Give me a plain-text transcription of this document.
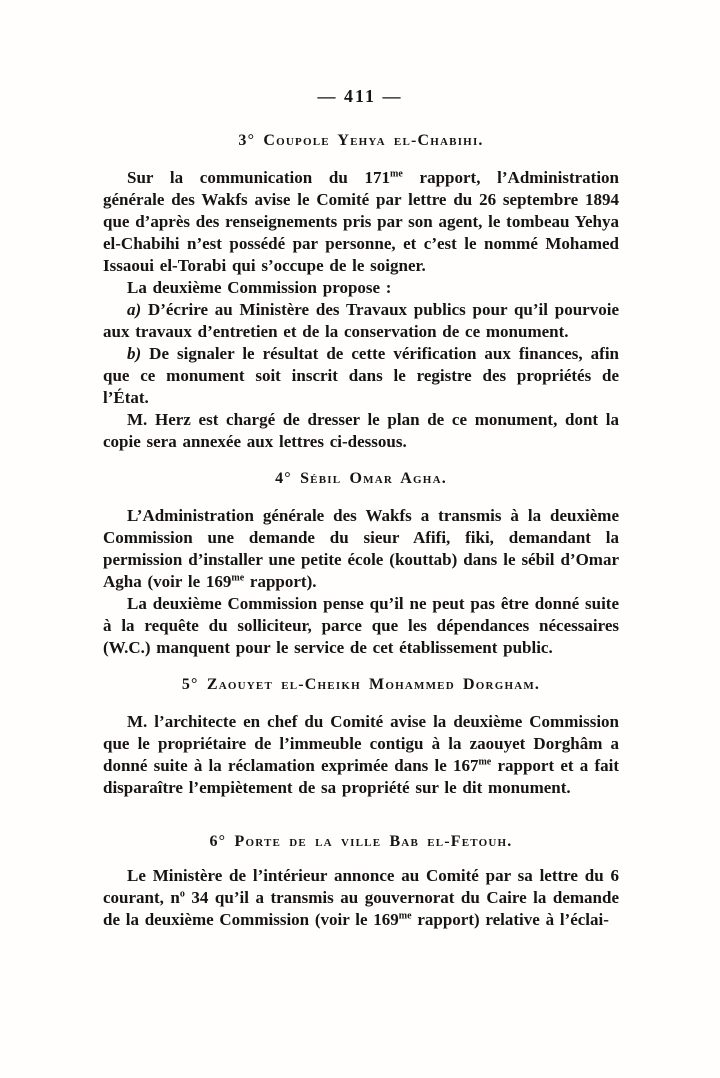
— 411 —
3° Coupole Yehya el-Chabihi.

Sur la communication du $171^{me}$ rapport, l’Administration générale des Wakfs avise le Comité par lettre du 26 septembre 1894 que d’après des renseignements pris par son agent, le tombeau Yehya el-Chabihi n’est possédé par personne, et c’est le nommé Mohamed Issaoui el-Torabi qui s’occupe de le soigner.

La deuxième Commission propose :

a) D’écrire au Ministère des Travaux publics pour qu’il pourvoie aux travaux d’entretien et de la conservation de ce monument.

b) De signaler le résultat de cette vérification aux finances, afin que ce monument soit inscrit dans le registre des propriétés de l’État.

M. Herz est chargé de dresser le plan de ce monument, dont la copie sera annexée aux lettres ci-dessous.

4° Sébil Omar Agha.

L’Administration générale des Wakfs a transmis à la deuxième Commission une demande du sieur Afifi, fiki, demandant la permission d’installer une petite école (kouttab) dans le sébil d’Omar Agha (voir le $169^{me}$ rapport).

La deuxième Commission pense qu’il ne peut pas être donné suite à la requête du solliciteur, parce que les dépendances nécessaires (W.C.) manquent pour le service de cet établissement public.

5° Zaouyet el-Cheikh Mohammed Dorgham.

M. l’architecte en chef du Comité avise la deuxième Commission que le propriétaire de l’immeuble contigu à la zaouyet Dorghâm a donné suite à la réclamation exprimée dans le $167^{me}$ rapport et a fait disparaître l’empiètement de sa propriété sur le dit monument.

6° Porte de la ville Bab el-Fetouh.

Le Ministère de l’intérieur annonce au Comité par sa lettre du 6 courant, $n^o$ 34 qu’il a transmis au gouvernorat du Caire la demande de la deuxième Commission (voir le $169^{me}$ rapport) relative à l’éclai-
